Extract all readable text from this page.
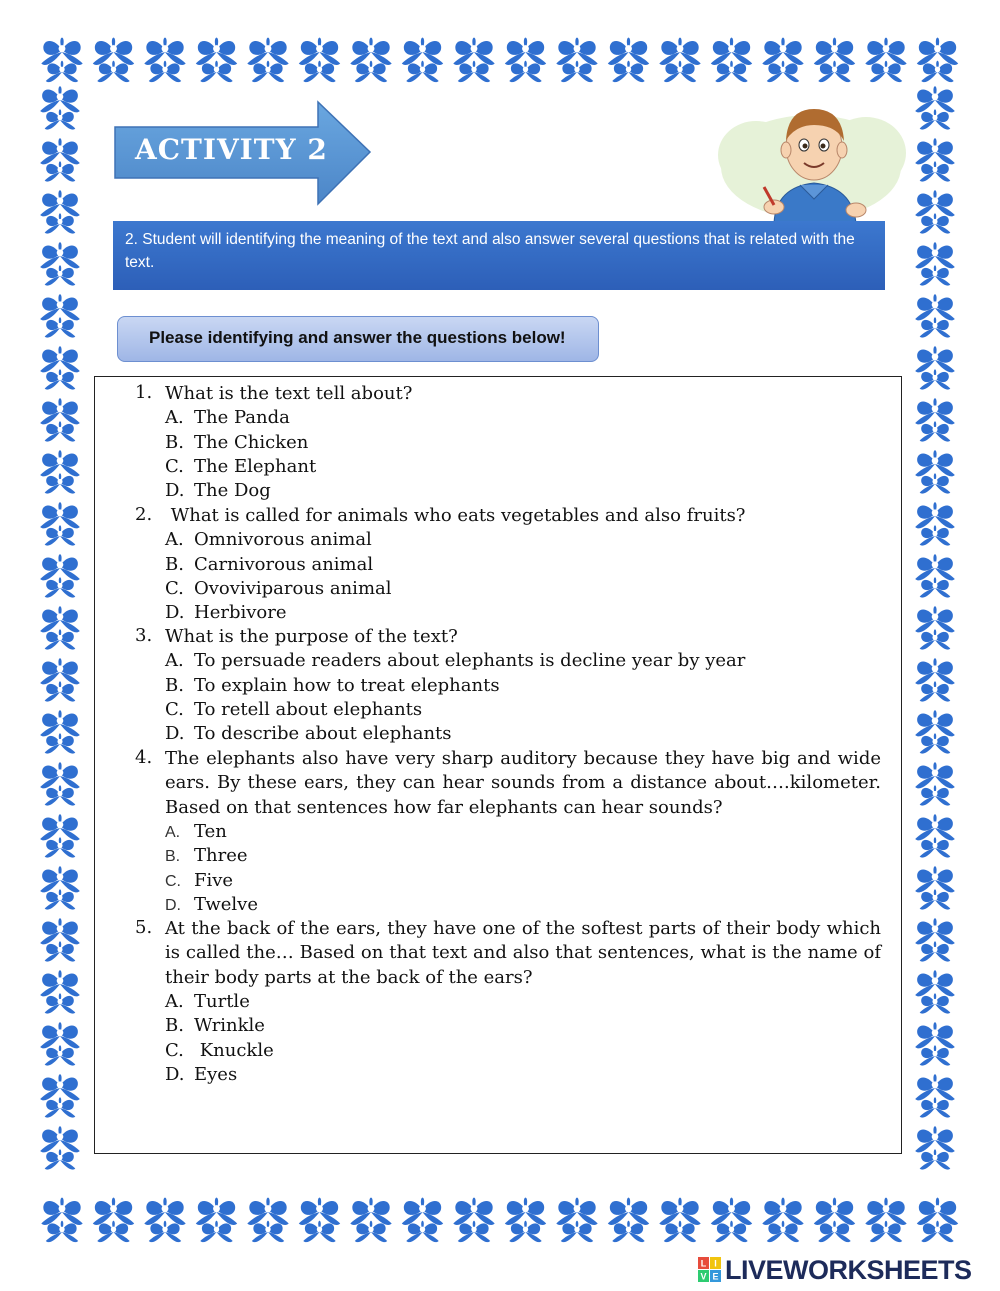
ACTIVITY 2
2. Student will identifying the meaning of the text and also answer several questions that is related with the text.
Please identifying and answer the questions below!
1. What is the text tell about?
A. The Panda
B. The Chicken
C. The Elephant
D. The Dog
2. What is called for animals who eats vegetables and also fruits?
A. Omnivorous animal
B. Carnivorous animal
C. Ovoviviparous animal
D. Herbivore
3. What is the purpose of the text?
A. To persuade readers about elephants is decline year by year
B. To explain how to treat elephants
C. To retell about elephants
D. To describe about elephants
4. The elephants also have very sharp auditory because they have big and wide ears. By these ears, they can hear sounds from a distance about….kilometer. Based on that sentences how far elephants can hear sounds?
A. Ten
B. Three
C. Five
D. Twelve
5. At the back of the ears, they have one of the softest parts of their body which is called the… Based on that text and also that sentences, what is the name of their body parts at the back of the ears?
A. Turtle
B. Wrinkle
C. Knuckle
D. Eyes
L I
V E LIVEWORKSHEETS
